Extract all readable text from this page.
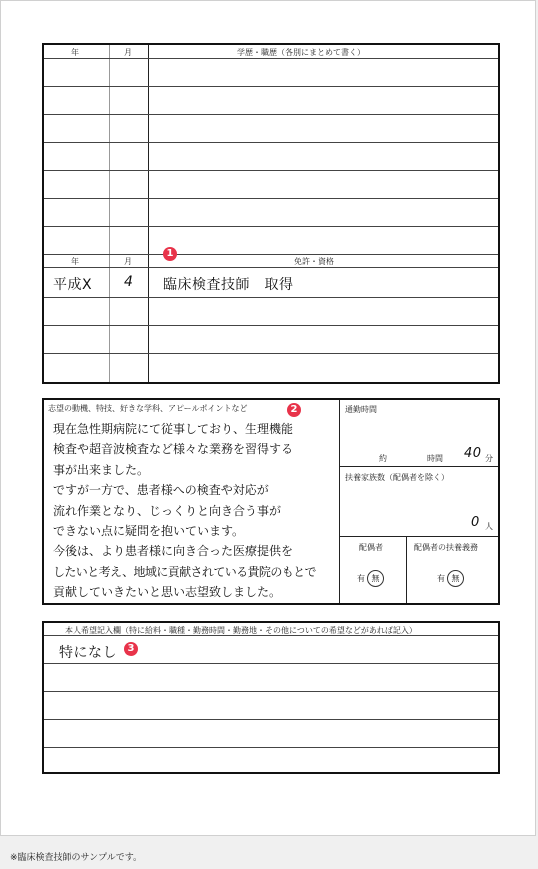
年	月	学歴・職歴（各別にまとめて書く）
年	月	免許・資格
1
平成X 4 臨床検査技師　取得
志望の動機、特技、好きな学科、アピールポイントなど	2
現在急性期病院にて従事しており、生理機能
検査や超音波検査など様々な業務を習得する
事が出来ました。
ですが一方で、患者様への検査や対応が
流れ作業となり、じっくりと向き合う事が
できない点に疑問を抱いています。
今後は、より患者様に向き合った医療提供を
したいと考え、地域に貢献されている貴院のもとで
貢献していきたいと思い志望致しました。
通勤時間
約	時間 40 分
扶養家族数（配偶者を除く）
0 人
配偶者
有 無
配偶者の扶養義務
有 無
本人希望記入欄（特に給料・職種・勤務時間・勤務地・その他についての希望などがあれば記入）
特になし	3
※臨床検査技師のサンプルです。
